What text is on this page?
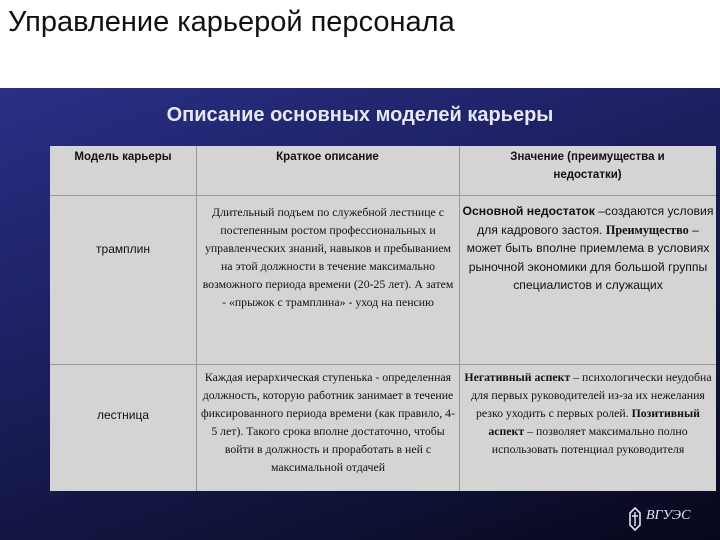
Управление карьерой персонала
Описание основных моделей карьеры
Модель карьеры	Краткое описание	Значение (преимущества и недостатки)
трамплин
Длительный подъем по служебной лестнице с постепенным ростом профессиональных и управленческих знаний, навыков и пребыванием на этой должности в течение максимально возможного периода времени (20-25 лет). А затем - «прыжок с трамплина» - уход на пенсию
Основной недостаток –создаются условия для кадрового застоя. Преимущество – может быть вполне приемлема в условиях рыночной экономики для большой группы специалистов и служащих
лестница
Каждая иерархическая ступенька - определенная должность, которую работник занимает в течение фиксированного периода времени (как правило, 4-5 лет). Такого срока вполне достаточно, чтобы войти в должность и проработать в ней с максимальной отдачей
Негативный аспект – психологически неудобна для первых руководителей из-за их нежелания резко уходить с первых ролей. Позитивный аспект – позволяет максимально полно использовать потенциал руководителя
ВГУЭС
